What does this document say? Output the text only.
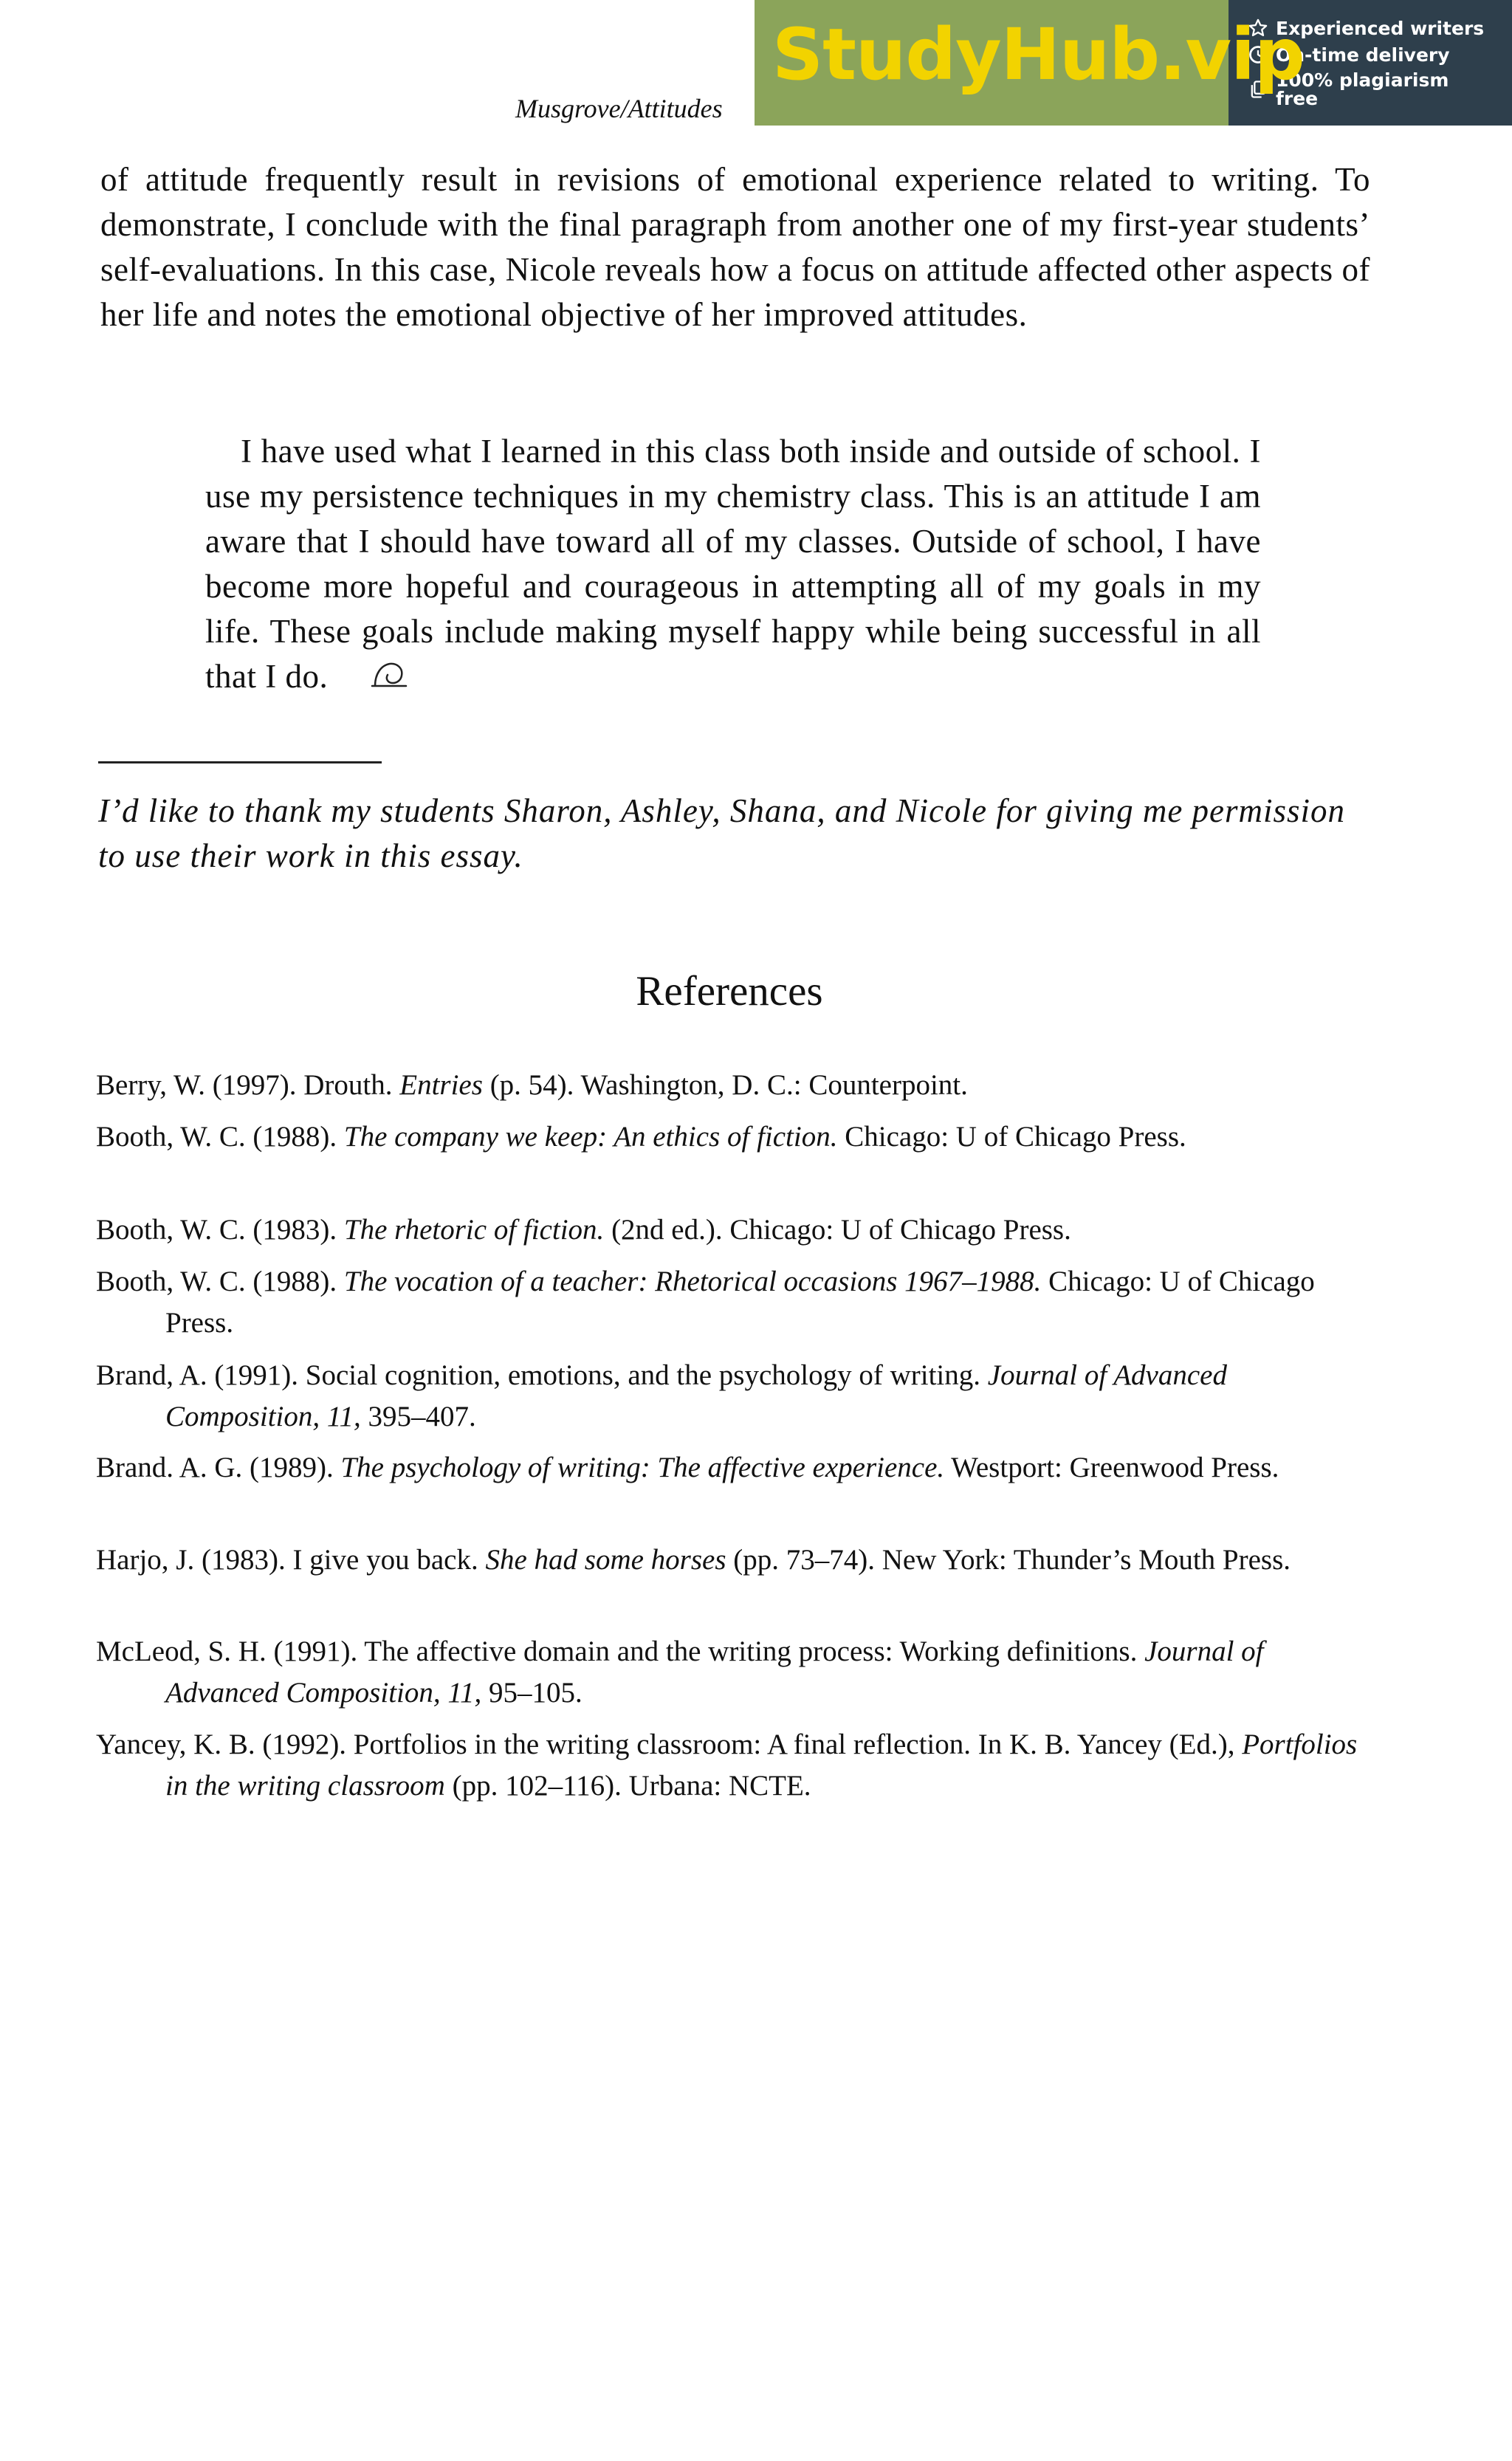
Musgrove/Attitudes
StudyHub.vip
Experienced writers
On-time delivery
100% plagiarism free

of attitude frequently result in revisions of emotional experience related to writing. To demonstrate, I conclude with the final paragraph from another one of my first-year students’ self-evaluations. In this case, Nicole reveals how a focus on attitude affected other aspects of her life and notes the emotional objective of her improved attitudes.

I have used what I learned in this class both inside and outside of school. I use my persistence techniques in my chemistry class. This is an attitude I am aware that I should have toward all of my classes. Outside of school, I have become more hopeful and courageous in attempting all of my goals in my life. These goals include making myself happy while being successful in all that I do.

I’d like to thank my students Sharon, Ashley, Shana, and Nicole for giving me permission to use their work in this essay.

References

Berry, W. (1997). Drouth. Entries (p. 54). Washington, D. C.: Counterpoint.

Booth, W. C. (1988). The company we keep: An ethics of fiction. Chicago: U of Chicago Press.

Booth, W. C. (1983). The rhetoric of fiction. (2nd ed.). Chicago: U of Chicago Press.

Booth, W. C. (1988). The vocation of a teacher: Rhetorical occasions 1967–1988. Chicago: U of Chicago Press.

Brand, A. (1991). Social cognition, emotions, and the psychology of writing. Journal of Advanced Composition, 11, 395–407.

Brand. A. G. (1989). The psychology of writing: The affective experience. Westport: Greenwood Press.

Harjo, J. (1983). I give you back. She had some horses (pp. 73–74). New York: Thunder’s Mouth Press.

McLeod, S. H. (1991). The affective domain and the writing process: Working definitions. Journal of Advanced Composition, 11, 95–105.

Yancey, K. B. (1992). Portfolios in the writing classroom: A final reflection. In K. B. Yancey (Ed.), Portfolios in the writing classroom (pp. 102–116). Urbana: NCTE.
